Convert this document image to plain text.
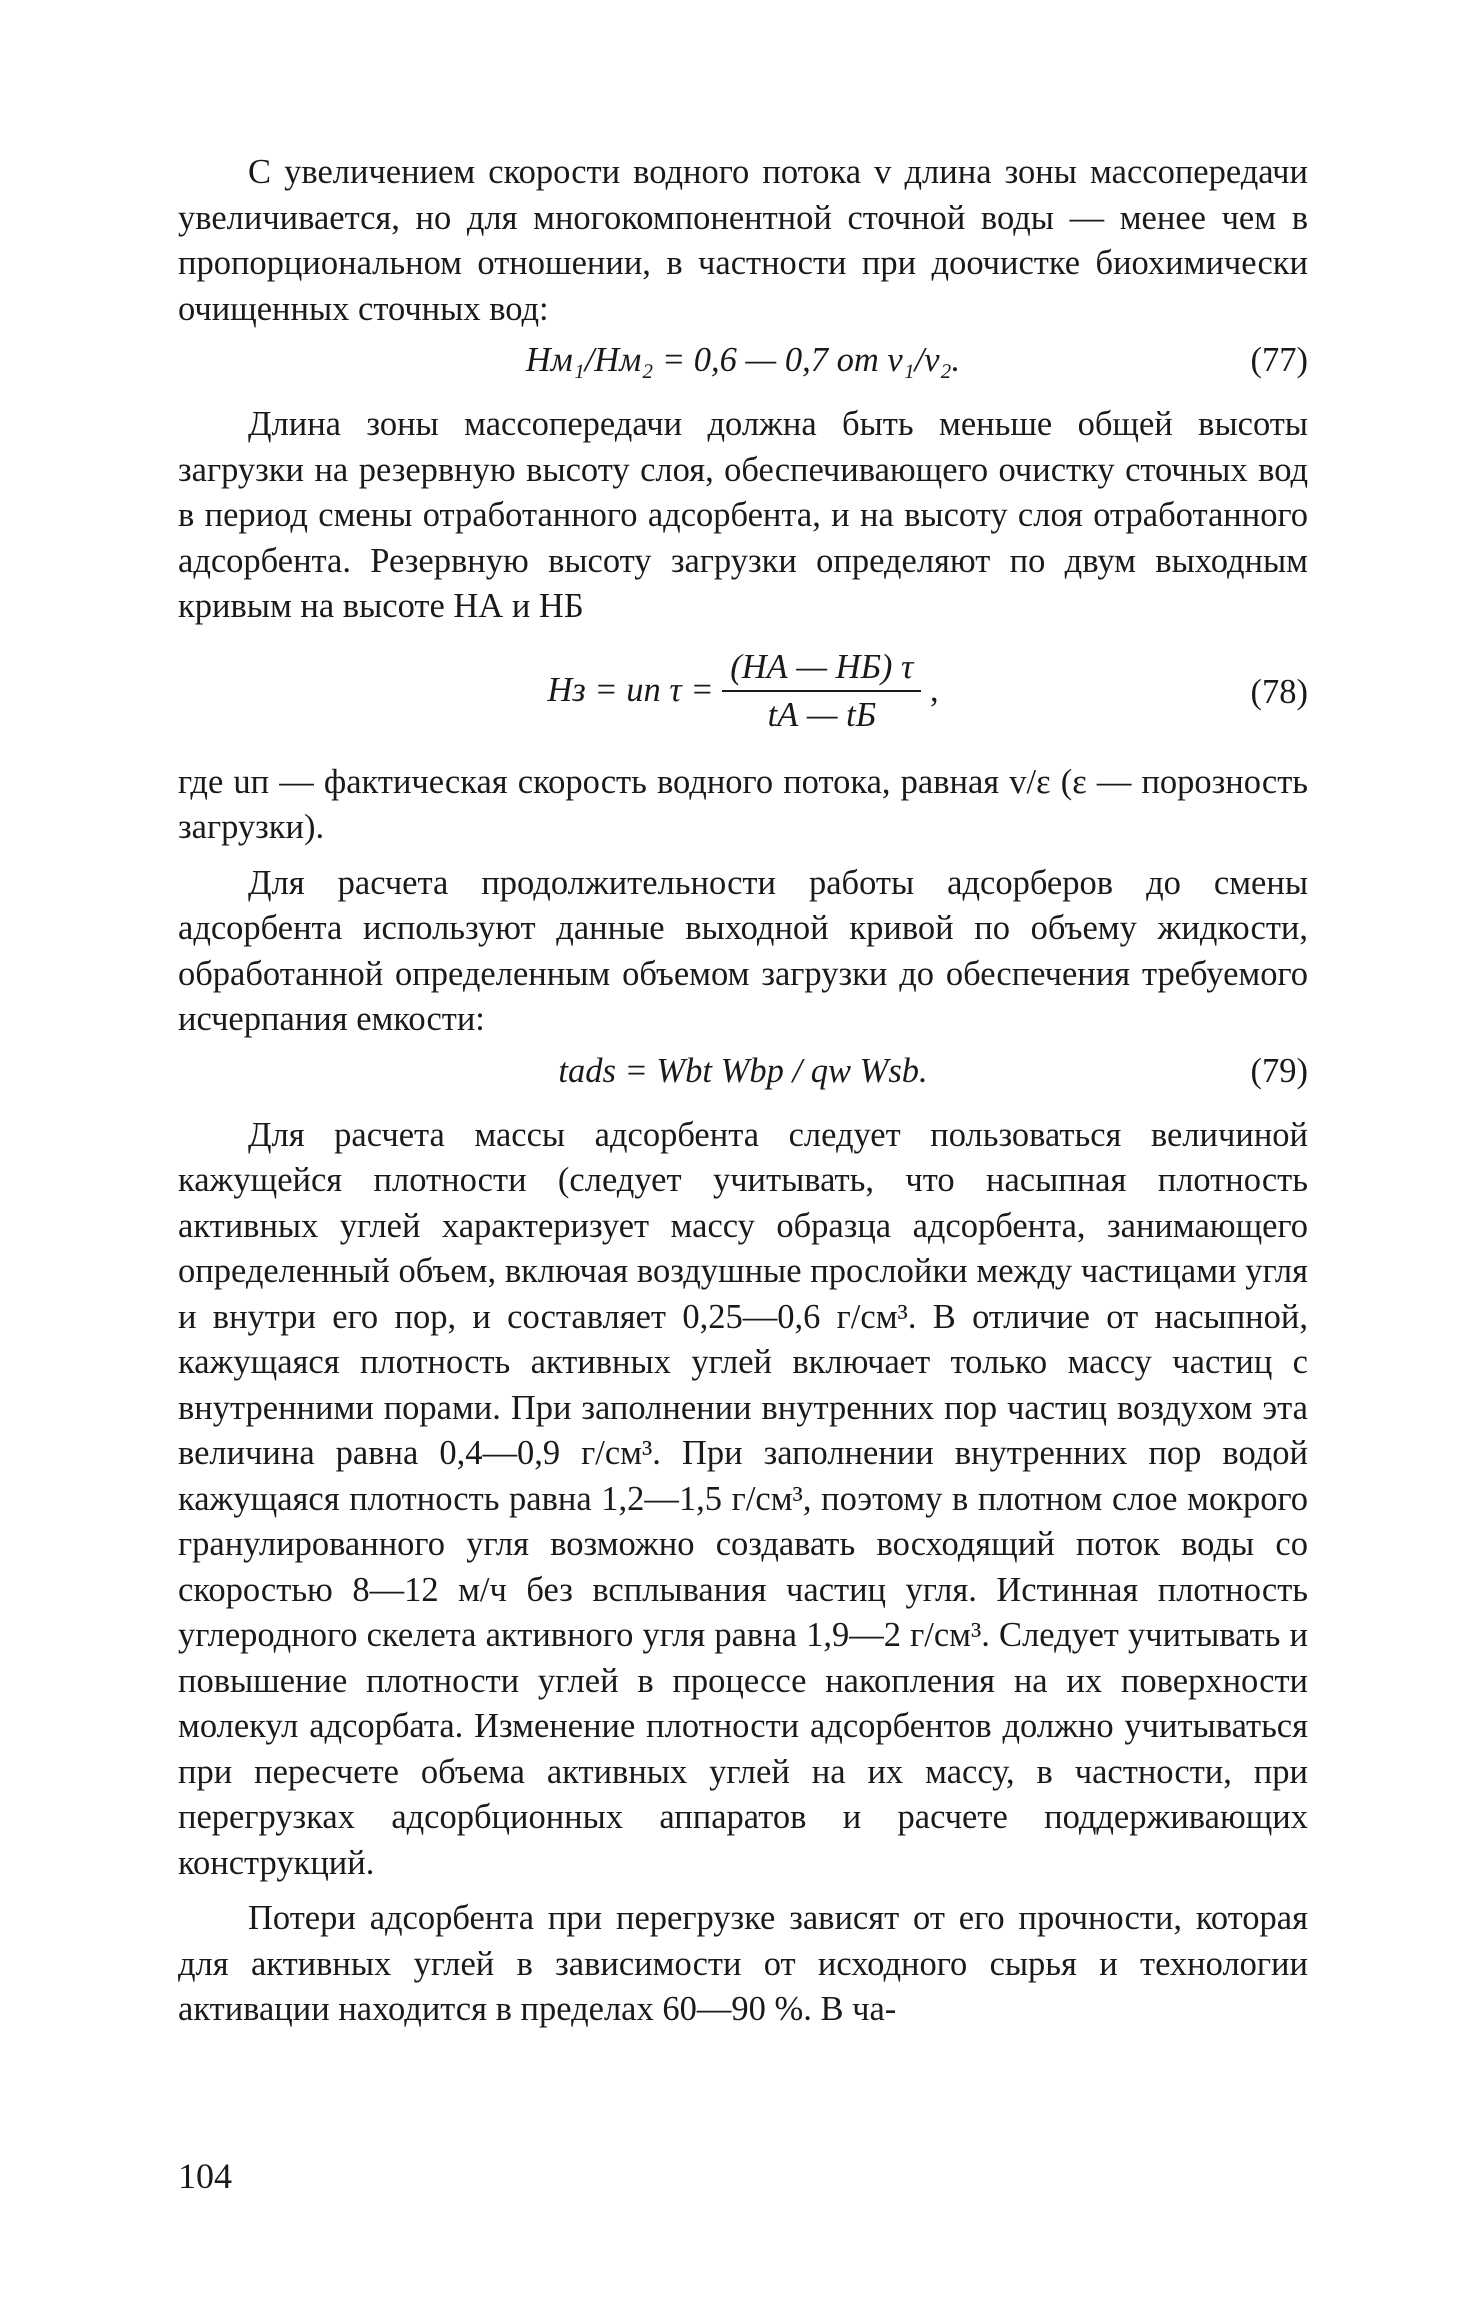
С увеличением скорости водного потока v длина зоны массопередачи увеличивается, но для многокомпонентной сточной воды — менее чем в пропорциональном отношении, в частности при доочистке биохимически очищенных сточных вод:

Hм₁/Hм₂ = 0,6 — 0,7 от v₁/v₂.	(77)

Длина зоны массопередачи должна быть меньше общей высоты загрузки на резервную высоту слоя, обеспечивающего очистку сточных вод в период смены отработанного адсорбента, и на высоту слоя отработанного адсорбента. Резервную высоту загрузки определяют по двум выходным кривым на высоте HА и HБ

Hз = uп $\tau = \frac{(HА — HБ) \tau}{tА — tБ}$ ,	(78)

где uп — фактическая скорость водного потока, равная v/ε (ε — порозность загрузки).

Для расчета продолжительности работы адсорберов до смены адсорбента используют данные выходной кривой по объему жидкости, обработанной определенным объемом загрузки до обеспечения требуемого исчерпания емкости:

tads = Wbt Wbp / qw Wsb.	(79)

Для расчета массы адсорбента следует пользоваться величиной кажущейся плотности (следует учитывать, что насыпная плотность активных углей характеризует массу образца адсорбента, занимающего определенный объем, включая воздушные прослойки между частицами угля и внутри его пор, и составляет 0,25—0,6 г/см³. В отличие от насыпной, кажущаяся плотность активных углей включает только массу частиц с внутренними порами. При заполнении внутренних пор частиц воздухом эта величина равна 0,4—0,9 г/см³. При заполнении внутренних пор водой кажущаяся плотность равна 1,2—1,5 г/см³, поэтому в плотном слое мокрого гранулированного угля возможно создавать восходящий поток воды со скоростью 8—12 м/ч без всплывания частиц угля. Истинная плотность углеродного скелета активного угля равна 1,9—2 г/см³. Следует учитывать и повышение плотности углей в процессе накопления на их поверхности молекул адсорбата. Изменение плотности адсорбентов должно учитываться при пересчете объема активных углей на их массу, в частности, при перегрузках адсорбционных аппаратов и расчете поддерживающих конструкций.

Потери адсорбента при перегрузке зависят от его прочности, которая для активных углей в зависимости от исходного сырья и технологии активации находится в пределах 60—90 %. В ча-

104
